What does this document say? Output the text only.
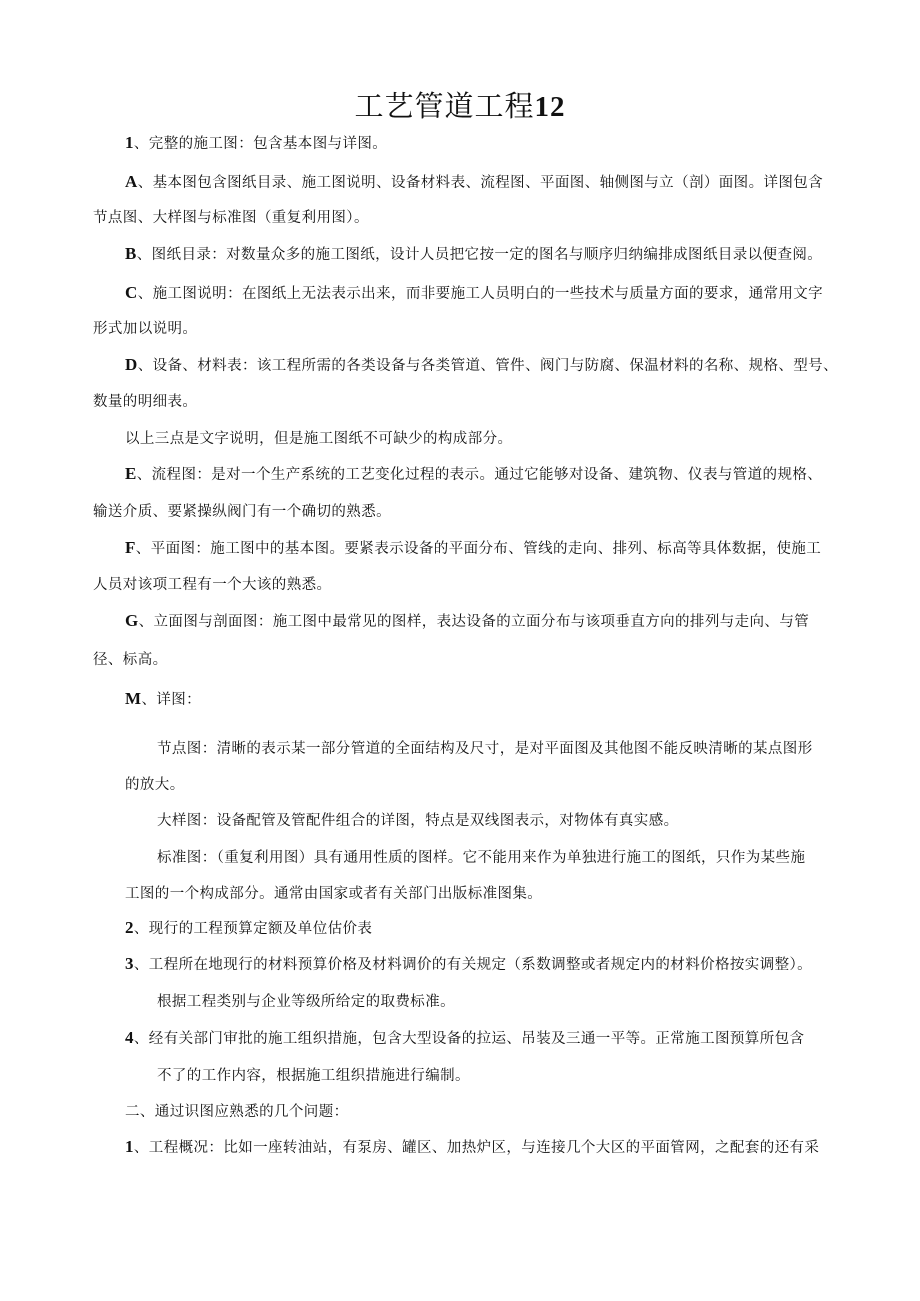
工艺管道工程12
1、完整的施工图：包含基本图与详图。
A、基本图包含图纸目录、施工图说明、设备材料表、流程图、平面图、轴侧图与立（剖）面图。详图包含
节点图、大样图与标准图（重复利用图）。
B、图纸目录：对数量众多的施工图纸，设计人员把它按一定的图名与顺序归纳编排成图纸目录以便查阅。
C、施工图说明：在图纸上无法表示出来，而非要施工人员明白的一些技术与质量方面的要求，通常用文字
形式加以说明。
D、设备、材料表：该工程所需的各类设备与各类管道、管件、阀门与防腐、保温材料的名称、规格、型号、
数量的明细表。
以上三点是文字说明，但是施工图纸不可缺少的构成部分。
E、流程图：是对一个生产系统的工艺变化过程的表示。通过它能够对设备、建筑物、仪表与管道的规格、
输送介质、要紧操纵阀门有一个确切的熟悉。
F、平面图：施工图中的基本图。要紧表示设备的平面分布、管线的走向、排列、标高等具体数据，使施工
人员对该项工程有一个大该的熟悉。
G、立面图与剖面图：施工图中最常见的图样，表达设备的立面分布与该项垂直方向的排列与走向、与管
径、标高。
M、详图：
节点图：清晰的表示某一部分管道的全面结构及尺寸，是对平面图及其他图不能反映清晰的某点图形
的放大。
大样图：设备配管及管配件组合的详图，特点是双线图表示，对物体有真实感。
标准图：（重复利用图）具有通用性质的图样。它不能用来作为单独进行施工的图纸，只作为某些施
工图的一个构成部分。通常由国家或者有关部门出版标准图集。
2、现行的工程预算定额及单位估价表
3、工程所在地现行的材料预算价格及材料调价的有关规定（系数调整或者规定内的材料价格按实调整）。
根据工程类别与企业等级所给定的取费标准。
4、经有关部门审批的施工组织措施，包含大型设备的拉运、吊装及三通一平等。正常施工图预算所包含
不了的工作内容，根据施工组织措施进行编制。
二、通过识图应熟悉的几个问题：
1、工程概况：比如一座转油站，有泵房、罐区、加热炉区，与连接几个大区的平面管网，之配套的还有采
